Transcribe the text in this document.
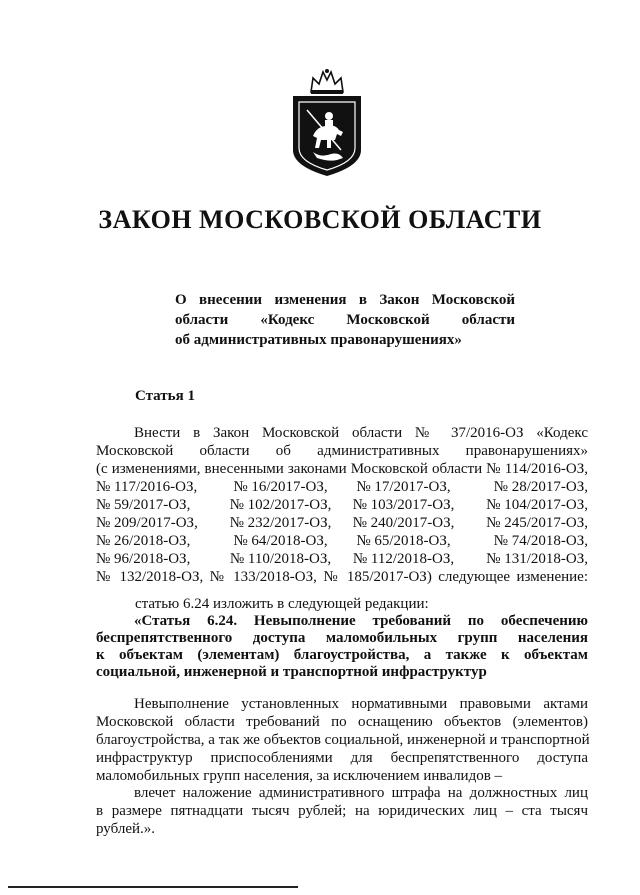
ЗАКОН МОСКОВСКОЙ ОБЛАСТИ
О внесении изменения в Закон Московской
области «Кодекс Московской области
об административных правонарушениях»
Статья 1
Внести в Закон Московской области № 37/2016-ОЗ «Кодекс
Московской области об административных правонарушениях»
(с изменениями, внесенными законами Московской области № 114/2016-ОЗ,
№ 117/2016-ОЗ,	№ 16/2017-ОЗ,	№ 17/2017-ОЗ,	№ 28/2017-ОЗ,
№ 59/2017-ОЗ,	№ 102/2017-ОЗ,	№ 103/2017-ОЗ,	№ 104/2017-ОЗ,
№ 209/2017-ОЗ,	№ 232/2017-ОЗ,	№ 240/2017-ОЗ,	№ 245/2017-ОЗ,
№ 26/2018-ОЗ,	№ 64/2018-ОЗ,	№ 65/2018-ОЗ,	№ 74/2018-ОЗ,
№ 96/2018-ОЗ,	№ 110/2018-ОЗ,	№ 112/2018-ОЗ,	№ 131/2018-ОЗ,
№ 132/2018-ОЗ, № 133/2018-ОЗ, № 185/2017-ОЗ) следующее изменение:
статью 6.24 изложить в следующей редакции:
«Статья 6.24. Невыполнение требований по обеспечению
беспрепятственного доступа маломобильных групп населения
к объектам (элементам) благоустройства, а также к объектам
социальной, инженерной и транспортной инфраструктур
Невыполнение установленных нормативными правовыми актами
Московской области требований по оснащению объектов (элементов)
благоустройства, а так же объектов социальной, инженерной и транспортной
инфраструктур приспособлениями для беспрепятственного доступа
маломобильных групп населения, за исключением инвалидов –
влечет наложение административного штрафа на должностных лиц
в размере пятнадцати тысяч рублей; на юридических лиц – ста тысяч
рублей.».
